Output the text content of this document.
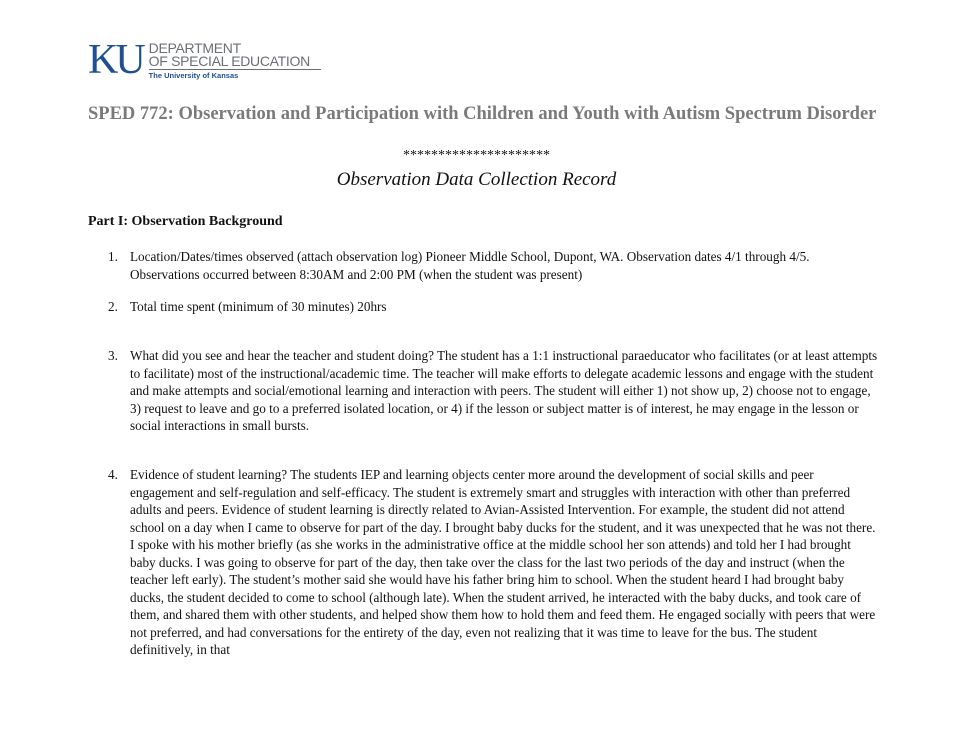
KU DEPARTMENT
OF SPECIAL EDUCATION
The University of Kansas
SPED 772: Observation and Participation with Children and Youth with Autism Spectrum Disorder
*********************
Observation Data Collection Record
Part I: Observation Background
1. Location/Dates/times observed (attach observation log) Pioneer Middle School, Dupont, WA. Observation dates 4/1 through 4/5. Observations occurred between 8:30AM and 2:00 PM (when the student was present)
2. Total time spent (minimum of 30 minutes) 20hrs
3. What did you see and hear the teacher and student doing? The student has a 1:1 instructional paraeducator who facilitates (or at least attempts to facilitate) most of the instructional/academic time. The teacher will make efforts to delegate academic lessons and engage with the student and make attempts and social/emotional learning and interaction with peers. The student will either 1) not show up, 2) choose not to engage, 3) request to leave and go to a preferred isolated location, or 4) if the lesson or subject matter is of interest, he may engage in the lesson or social interactions in small bursts.
4. Evidence of student learning? The students IEP and learning objects center more around the development of social skills and peer engagement and self-regulation and self-efficacy. The student is extremely smart and struggles with interaction with other than preferred adults and peers. Evidence of student learning is directly related to Avian-Assisted Intervention. For example, the student did not attend school on a day when I came to observe for part of the day. I brought baby ducks for the student, and it was unexpected that he was not there. I spoke with his mother briefly (as she works in the administrative office at the middle school her son attends) and told her I had brought baby ducks. I was going to observe for part of the day, then take over the class for the last two periods of the day and instruct (when the teacher left early). The student’s mother said she would have his father bring him to school. When the student heard I had brought baby ducks, the student decided to come to school (although late). When the student arrived, he interacted with the baby ducks, and took care of them, and shared them with other students, and helped show them how to hold them and feed them. He engaged socially with peers that were not preferred, and had conversations for the entirety of the day, even not realizing that it was time to leave for the bus. The student definitively, in that
